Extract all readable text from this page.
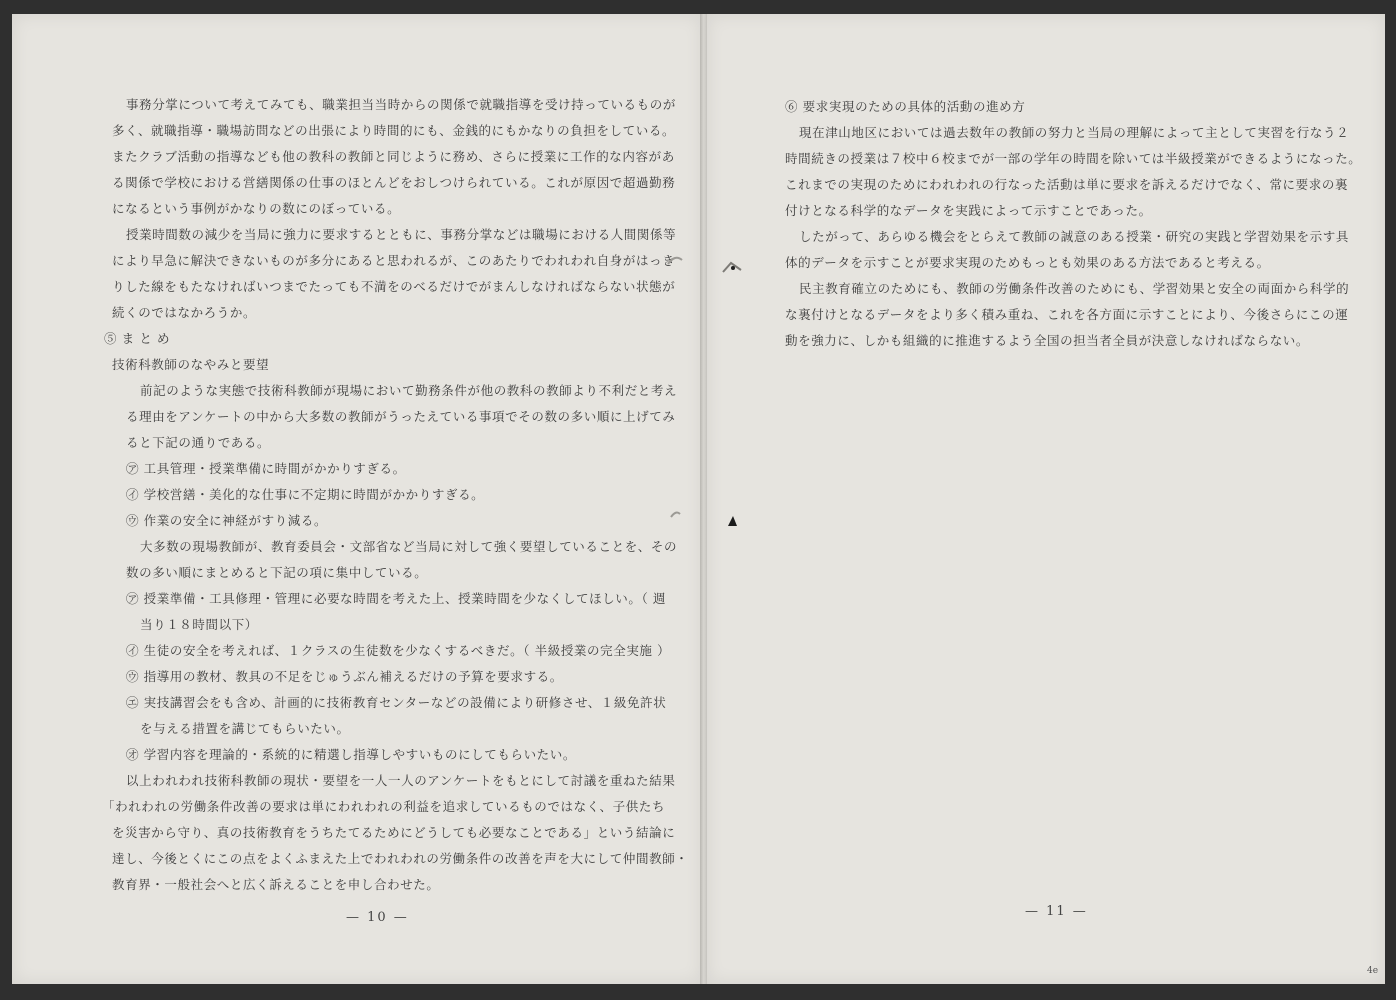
事務分掌について考えてみても、職業担当当時からの関係で就職指導を受け持っているものが
多く、就職指導・職場訪問などの出張により時間的にも、金銭的にもかなりの負担をしている。
またクラブ活動の指導なども他の教科の教師と同じように務め、さらに授業に工作的な内容があ
る関係で学校における営繕関係の仕事のほとんどをおしつけられている。これが原因で超過勤務
になるという事例がかなりの数にのぼっている。
授業時間数の減少を当局に強力に要求するとともに、事務分掌などは職場における人間関係等
により早急に解決できないものが多分にあると思われるが、このあたりでわれわれ自身がはっき
りした線をもたなければいつまでたっても不満をのべるだけでがまんしなければならない状態が
続くのではなかろうか。
⑤ ま と め
技術科教師のなやみと要望
前記のような実態で技術科教師が現場において勤務条件が他の教科の教師より不利だと考え
る理由をアンケートの中から大多数の教師がうったえている事項でその数の多い順に上げてみ
ると下記の通りである。
㋐ 工具管理・授業準備に時間がかかりすぎる。
㋑ 学校営繕・美化的な仕事に不定期に時間がかかりすぎる。
㋒ 作業の安全に神経がすり減る。
大多数の現場教師が、教育委員会・文部省など当局に対して強く要望していることを、その
数の多い順にまとめると下記の項に集中している。
㋐ 授業準備・工具修理・管理に必要な時間を考えた上、授業時間を少なくしてほしい。（ 週
当り１８時間以下）
㋑ 生徒の安全を考えれば、１クラスの生徒数を少なくするべきだ。（ 半級授業の完全実施 ）
㋒ 指導用の教材、教具の不足をじゅうぶん補えるだけの予算を要求する。
㋓ 実技講習会をも含め、計画的に技術教育センターなどの設備により研修させ、１級免許状
を与える措置を講じてもらいたい。
㋔ 学習内容を理論的・系統的に精選し指導しやすいものにしてもらいたい。
以上われわれ技術科教師の現状・要望を一人一人のアンケートをもとにして討議を重ねた結果
「われわれの労働条件改善の要求は単にわれわれの利益を追求しているものではなく、子供たち
を災害から守り、真の技術教育をうちたてるためにどうしても必要なことである」という結論に
達し、今後とくにこの点をよくふまえた上でわれわれの労働条件の改善を声を大にして仲間教師・
教育界・一般社会へと広く訴えることを申し合わせた。
— 10 —
⑥ 要求実現のための具体的活動の進め方
現在津山地区においては過去数年の教師の努力と当局の理解によって主として実習を行なう２
時間続きの授業は７校中６校までが一部の学年の時間を除いては半級授業ができるようになった。
これまでの実現のためにわれわれの行なった活動は単に要求を訴えるだけでなく、常に要求の裏
付けとなる科学的なデータを実践によって示すことであった。
したがって、あらゆる機会をとらえて教師の誠意のある授業・研究の実践と学習効果を示す具
体的データを示すことが要求実現のためもっとも効果のある方法であると考える。
民主教育確立のためにも、教師の労働条件改善のためにも、学習効果と安全の両面から科学的
な裏付けとなるデータをより多く積み重ね、これを各方面に示すことにより、今後さらにこの運
動を強力に、しかも組織的に推進するよう全国の担当者全員が決意しなければならない。
— 11 —
4e
